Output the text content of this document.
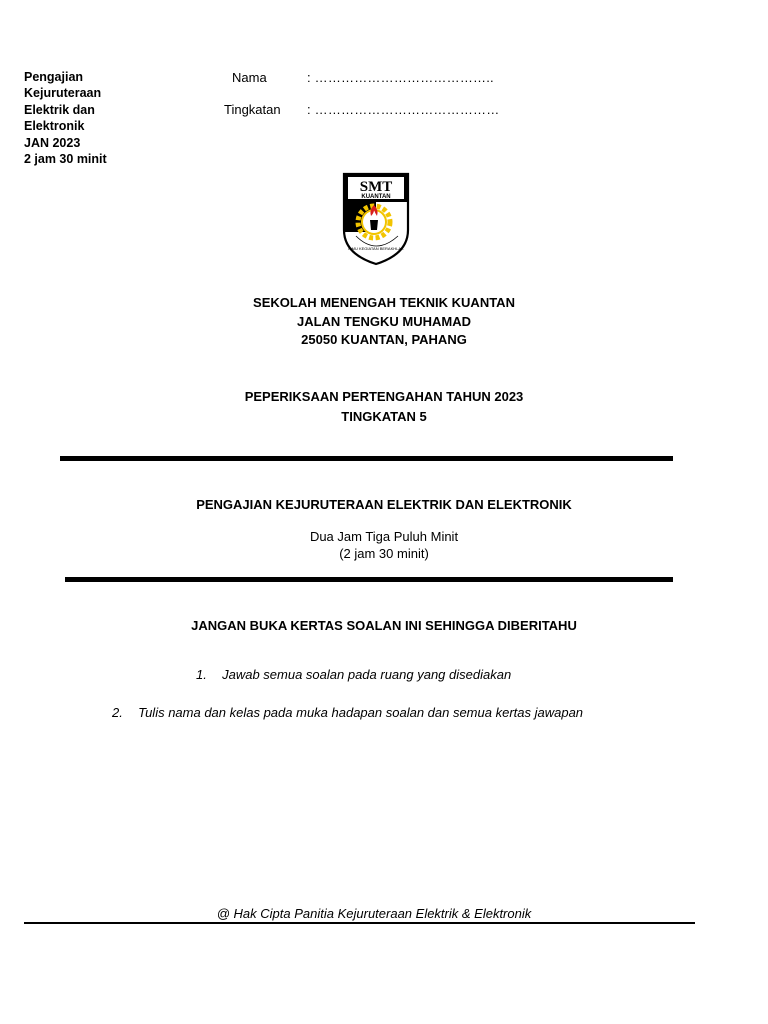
Pengajian
Kejuruteraan
Elektrik dan
Elektronik
JAN 2023
2 jam 30 minit
Nama	: …………………………………..
Tingkatan : ……………………………………
SMT
KUANTAN
ILMU KEGIATAN BERAKHLAK
SEKOLAH MENENGAH TEKNIK KUANTAN
JALAN TENGKU MUHAMAD
25050 KUANTAN, PAHANG
PEPERIKSAAN PERTENGAHAN TAHUN 2023
TINGKATAN 5
PENGAJIAN KEJURUTERAAN ELEKTRIK DAN ELEKTRONIK
Dua Jam Tiga Puluh Minit
(2 jam 30 minit)
JANGAN BUKA KERTAS SOALAN INI SEHINGGA DIBERITAHU
1. Jawab semua soalan pada ruang yang disediakan
2. Tulis nama dan kelas pada muka hadapan soalan dan semua kertas jawapan
@ Hak Cipta Panitia Kejuruteraan Elektrik & Elektronik
